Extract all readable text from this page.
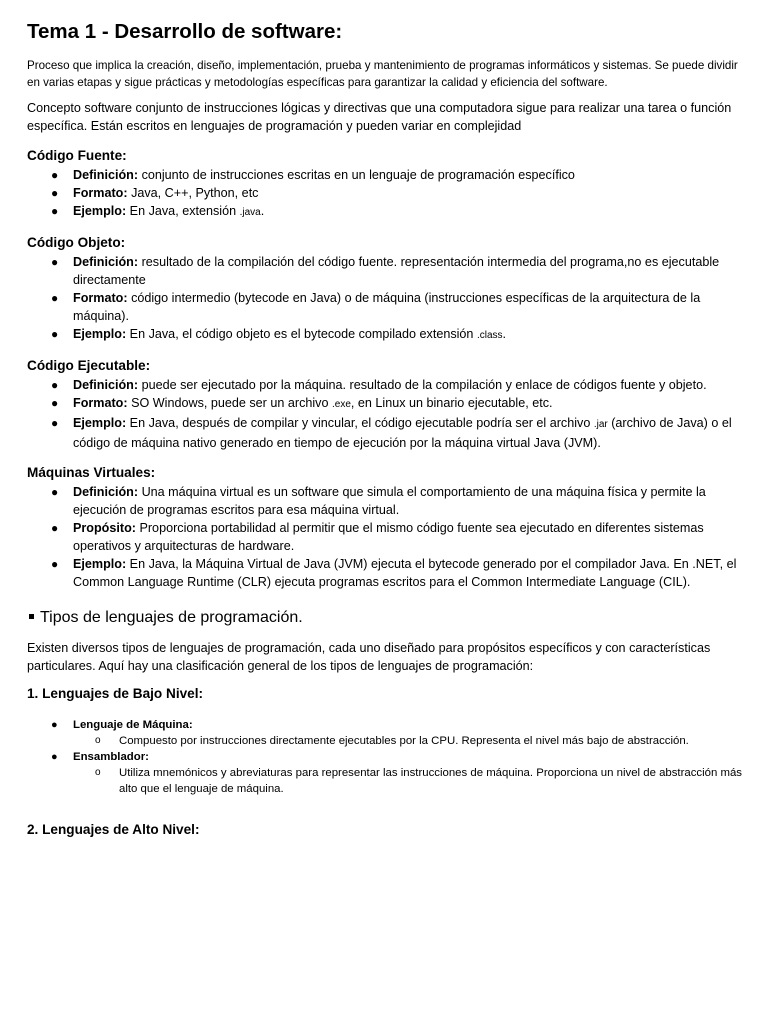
Tema 1 - Desarrollo de software:

Proceso que implica la creación, diseño, implementación, prueba y mantenimiento de programas informáticos y sistemas. Se puede dividir en varias etapas y sigue prácticas y metodologías específicas para garantizar la calidad y eficiencia del software.

Concepto software conjunto de instrucciones lógicas y directivas que una computadora sigue para realizar una tarea o función específica. Están escritos en lenguajes de programación y pueden variar en complejidad

Código Fuente:
● Definición: conjunto de instrucciones escritas en un lenguaje de programación específico
● Formato: Java, C++, Python, etc
● Ejemplo: En Java, extensión .java.
Código Objeto:
● Definición: resultado de la compilación del código fuente. representación intermedia del programa,no es ejecutable directamente
● Formato: código intermedio (bytecode en Java) o de máquina (instrucciones específicas de la arquitectura de la máquina).
● Ejemplo: En Java, el código objeto es el bytecode compilado extensión .class.
Código Ejecutable:
● Definición: puede ser ejecutado por la máquina. resultado de la compilación y enlace de códigos fuente y objeto.
● Formato: SO Windows, puede ser un archivo .exe, en Linux un binario ejecutable, etc.
● Ejemplo: En Java, después de compilar y vincular, el código ejecutable podría ser el archivo .jar (archivo de Java) o el código de máquina nativo generado en tiempo de ejecución por la máquina virtual Java (JVM).
Máquinas Virtuales:
● Definición: Una máquina virtual es un software que simula el comportamiento de una máquina física y permite la ejecución de programas escritos para esa máquina virtual.
● Propósito: Proporciona portabilidad al permitir que el mismo código fuente sea ejecutado en diferentes sistemas operativos y arquitecturas de hardware.
● Ejemplo: En Java, la Máquina Virtual de Java (JVM) ejecuta el bytecode generado por el compilador Java. En .NET, el Common Language Runtime (CLR) ejecuta programas escritos para el Common Intermediate Language (CIL).
Tipos de lenguajes de programación.

Existen diversos tipos de lenguajes de programación, cada uno diseñado para propósitos específicos y con características particulares. Aquí hay una clasificación general de los tipos de lenguajes de programación:

1. Lenguajes de Bajo Nivel:
● Lenguaje de Máquina:
o Compuesto por instrucciones directamente ejecutables por la CPU. Representa el nivel más bajo de abstracción.
● Ensamblador:
o Utiliza mnemónicos y abreviaturas para representar las instrucciones de máquina. Proporciona un nivel de abstracción más alto que el lenguaje de máquina.
2. Lenguajes de Alto Nivel:
